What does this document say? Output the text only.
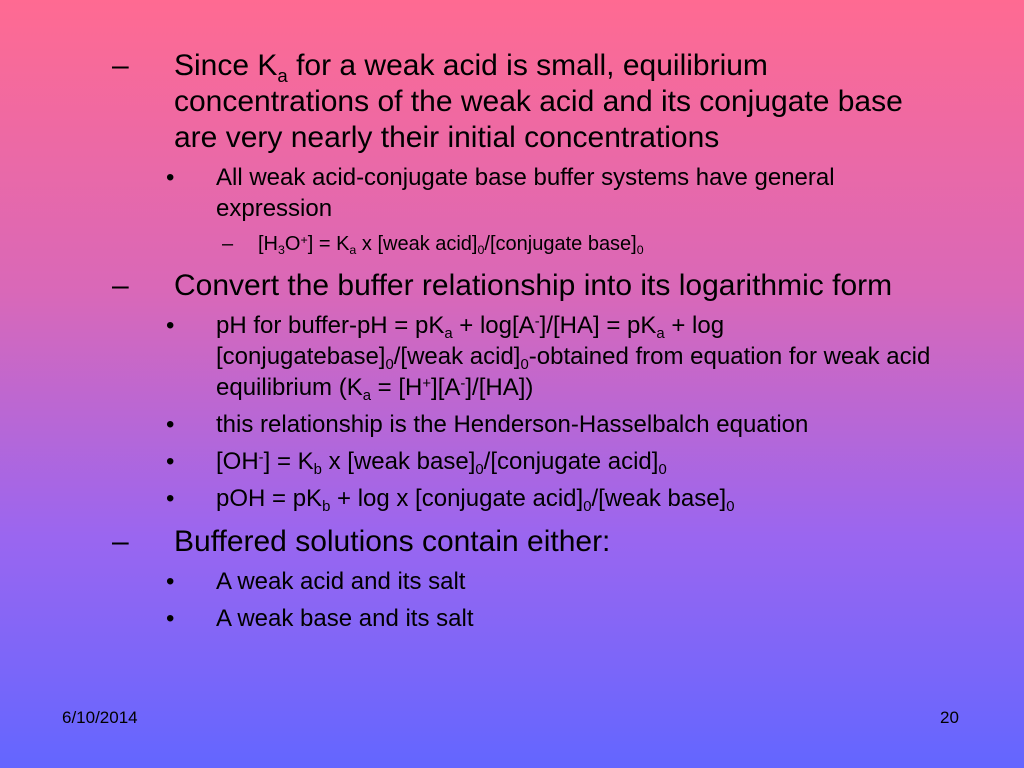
– Since $K_a$ for a weak acid is small, equilibrium concentrations of the weak acid and its conjugate base are very nearly their initial concentrations

• All weak acid-conjugate base buffer systems have general expression

– $[H_3O^+] = K_a$ x [weak $acid]_0/[conjugate$ $base]_0$

– Convert the buffer relationship into its logarithmic form

• pH for buffer-pH = $pK_a + \log[A^-]/[HA] = pK_a + \log$ $[conjugatebase]_0/[weak$ $acid]_0$-obtained from equation for weak acid equilibrium $(K_a = [H^+][A^-]/[HA])$

• this relationship is the Henderson-Hasselbalch equation

• $[OH^-] = K_b$ x [weak $base]_0/[conjugate$ $acid]_0$

• pOH = $pK_b + \log x$ [conjugate $acid]_0/[weak$ $base]_0$

– Buffered solutions contain either:

• A weak acid and its salt

• A weak base and its salt

6/10/2014	20
